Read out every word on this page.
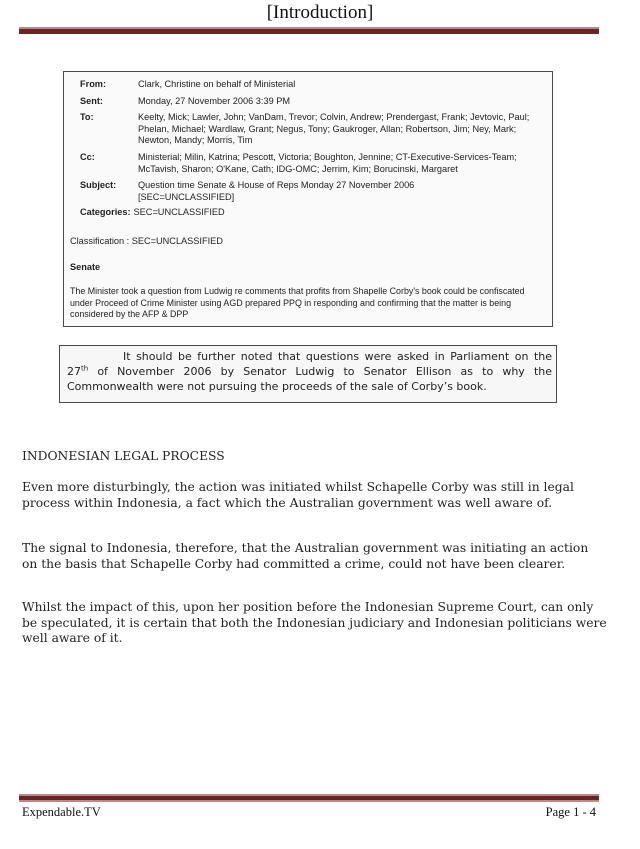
[Introduction]
From:	Clark, Christine on behalf of Ministerial
Sent:	Monday, 27 November 2006 3:39 PM
To:	Keelty, Mick; Lawler, John; VanDam, Trevor; Colvin, Andrew; Prendergast, Frank; Jevtovic, Paul; Phelan, Michael; Wardlaw, Grant; Negus, Tony; Gaukroger, Allan; Robertson, Jim; Ney, Mark; Newton, Mandy; Morris, Tim
Cc:	Ministerial; Milin, Katrina; Pescott, Victoria; Boughton, Jennine; CT-Executive-Services-Team; McTavish, Sharon; O'Kane, Cath; IDG-OMC; Jerrim, Kim; Borucinski, Margaret
Subject:	Question time Senate & House of Reps Monday 27 November 2006 [SEC=UNCLASSIFIED]
Categories: SEC=UNCLASSIFIED
Classification : SEC=UNCLASSIFIED
Senate
The Minister took a question from Ludwig re comments that profits from Shapelle Corby's book could be confiscated under Proceed of Crime Minister using AGD prepared PPQ in responding and confirming that the matter is being considered by the AFP & DPP
It should be further noted that questions were asked in Parliament on the 27th of November 2006 by Senator Ludwig to Senator Ellison as to why the Commonwealth were not pursuing the proceeds of the sale of Corby’s book.
INDONESIAN LEGAL PROCESS
Even more disturbingly, the action was initiated whilst Schapelle Corby was still in legal process within Indonesia, a fact which the Australian government was well aware of.
The signal to Indonesia, therefore, that the Australian government was initiating an action on the basis that Schapelle Corby had committed a crime, could not have been clearer.
Whilst the impact of this, upon her position before the Indonesian Supreme Court, can only be speculated, it is certain that both the Indonesian judiciary and Indonesian politicians were well aware of it.
Expendable.TV	Page 1 - 4
